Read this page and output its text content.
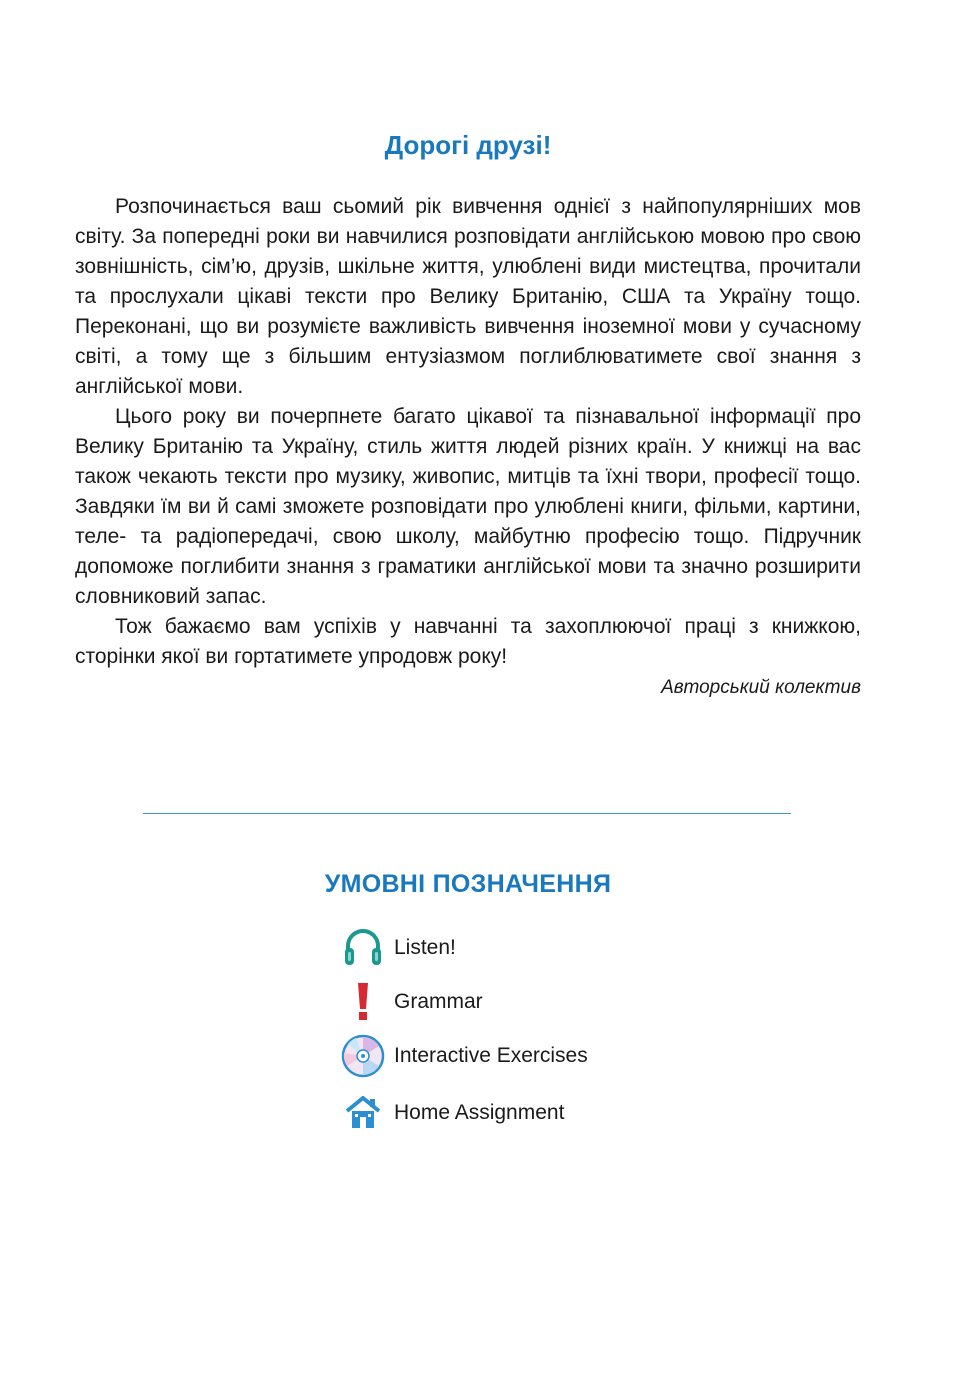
Дорогі друзі!

Розпочинається ваш сьомий рік вивчення однієї з найпопулярніших мов світу. За попередні роки ви навчилися розповідати англійською мовою про свою зовнішність, сім’ю, друзів, шкільне життя, улюблені види мистецтва, прочитали та прослухали цікаві тексти про Велику Британію, США та Україну тощо. Переконані, що ви розумієте важливість вивчення іноземної мови у сучасному світі, а тому ще з більшим ентузіазмом поглиблюватимете свої знання з англійської мови.

Цього року ви почерпнете багато цікавої та пізнавальної інформації про Велику Британію та Україну, стиль життя людей різних країн. У книжці на вас також чекають тексти про музику, живопис, митців та їхні твори, професії тощо. Завдяки їм ви й самі зможете розповідати про улюблені книги, фільми, картини, теле- та радіопередачі, свою школу, майбутню професію тощо. Підручник допоможе поглибити знання з граматики англійської мови та значно розширити словниковий запас.

Тож бажаємо вам успіхів у навчанні та захоплюючої праці з книжкою, сторінки якої ви гортатимете упродовж року!

Авторський колектив
УМОВНІ ПОЗНАЧЕННЯ
Listen!
Grammar
Interactive Exercises
Home Assignment
